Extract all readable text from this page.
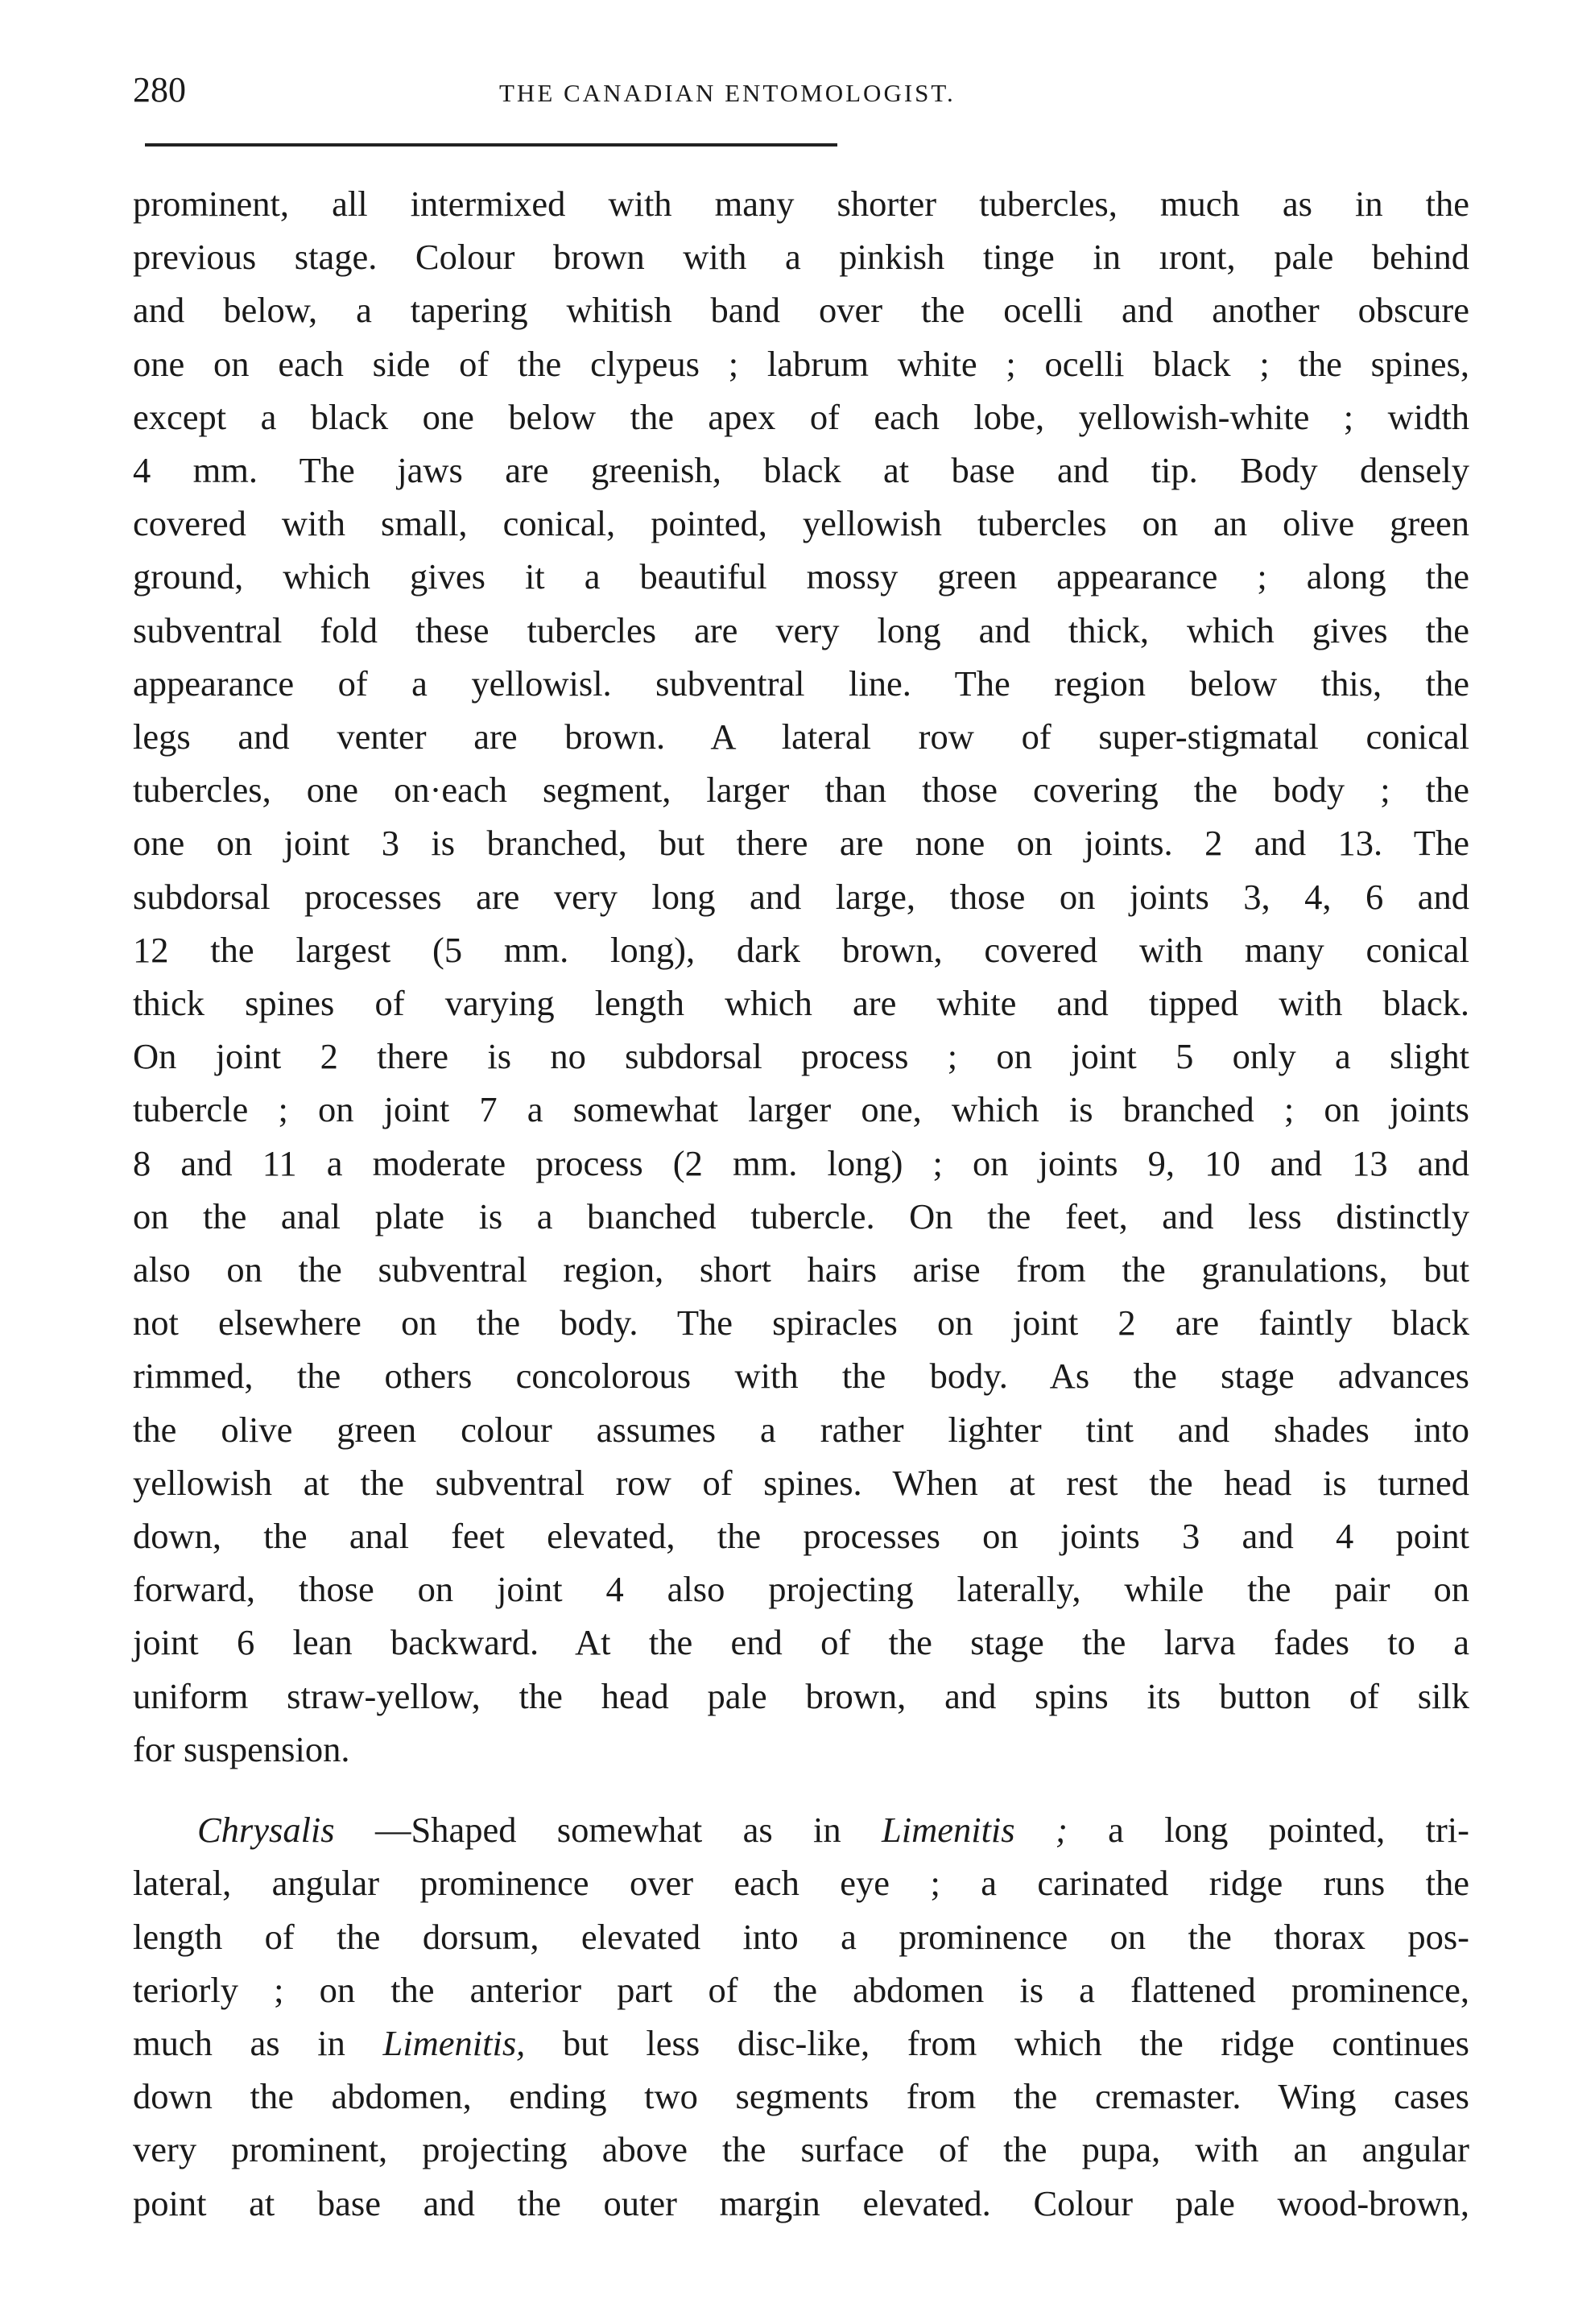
280	THE CANADIAN ENTOMOLOGIST.

prominent, all intermixed with many shorter tubercles, much as in the

previous stage. Colour brown with a pinkish tinge in ıront, pale behind

and below, a tapering whitish band over the ocelli and another obscure

one on each side of the clypeus ; labrum white ; ocelli black ; the spines,

except a black one below the apex of each lobe, yellowish-white ; width

4 mm. The jaws are greenish, black at base and tip. Body densely

covered with small, conical, pointed, yellowish tubercles on an olive green

ground, which gives it a beautiful mossy green appearance ; along the

subventral fold these tubercles are very long and thick, which gives the

appearance of a yellowisl. subventral line. The region below this, the

legs and venter are brown. A lateral row of super-stigmatal conical

tubercles, one on·each segment, larger than those covering the body ; the

one on joint 3 is branched, but there are none on joints. 2 and 13. The

subdorsal processes are very long and large, those on joints 3, 4, 6 and

12 the largest (5 mm. long), dark brown, covered with many conical

thick spines of varying length which are white and tipped with black.

On joint 2 there is no subdorsal process ; on joint 5 only a slight

tubercle ; on joint 7 a somewhat larger one, which is branched ; on joints

8 and 11 a moderate process (2 mm. long) ; on joints 9, 10 and 13 and

on the anal plate is a bıanched tubercle. On the feet, and less distinctly

also on the subventral region, short hairs arise from the granulations, but

not elsewhere on the body. The spiracles on joint 2 are faintly black

rimmed, the others concolorous with the body. As the stage advances

the olive green colour assumes a rather lighter tint and shades into

yellowish at the subventral row of spines. When at rest the head is turned

down, the anal feet elevated, the processes on joints 3 and 4 point

forward, those on joint 4 also projecting laterally, while the pair on

joint 6 lean backward. At the end of the stage the larva fades to a

uniform straw-yellow, the head pale brown, and spins its button of silk

for suspension.

Chrysalis —Shaped somewhat as in Limenitis ; a long pointed, tri-

lateral, angular prominence over each eye ; a carinated ridge runs the

length of the dorsum, elevated into a prominence on the thorax pos-

teriorly ; on the anterior part of the abdomen is a flattened prominence,

much as in Limenitis, but less disc-like, from which the ridge continues

down the abdomen, ending two segments from the cremaster. Wing cases

very prominent, projecting above the surface of the pupa, with an angular

point at base and the outer margin elevated. Colour pale wood-brown,
